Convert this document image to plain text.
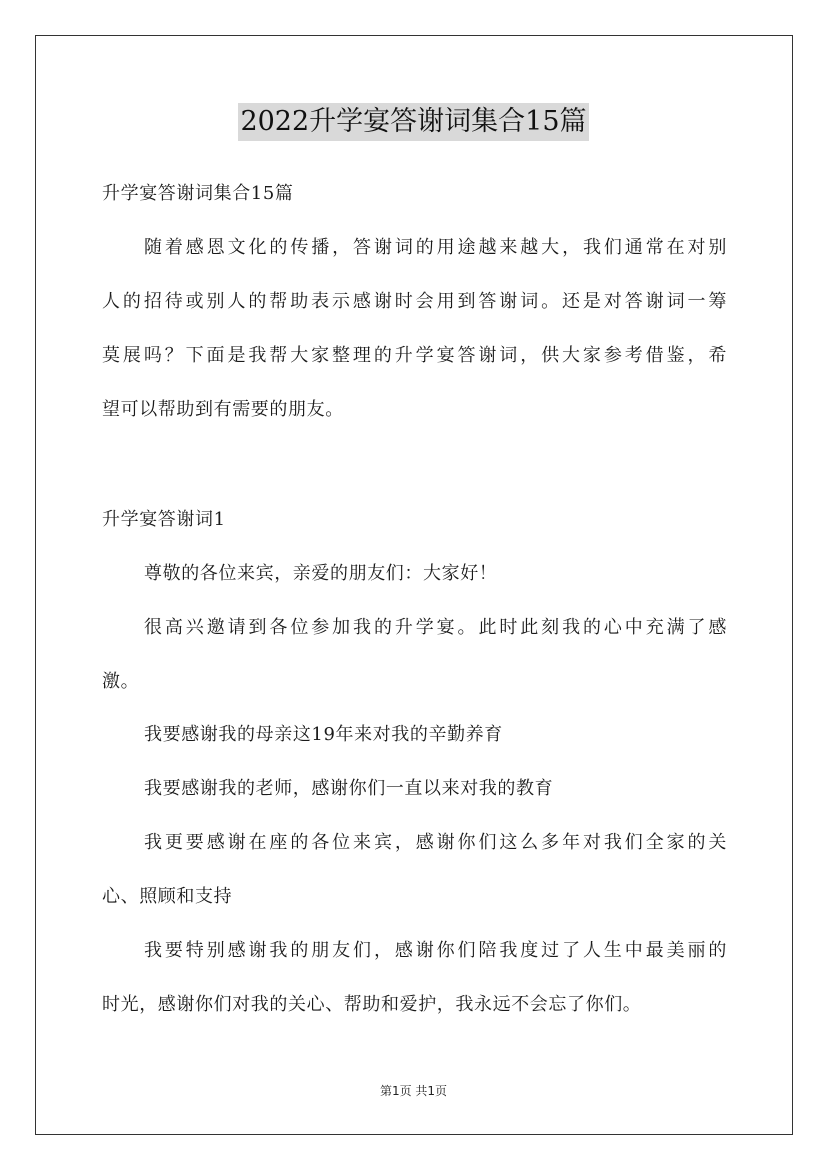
2022升学宴答谢词集合15篇
升学宴答谢词集合15篇
随着感恩文化的传播，答谢词的用途越来越大，我们通常在对别
人的招待或别人的帮助表示感谢时会用到答谢词。还是对答谢词一筹
莫展吗？下面是我帮大家整理的升学宴答谢词，供大家参考借鉴，希
望可以帮助到有需要的朋友。
升学宴答谢词1
尊敬的各位来宾，亲爱的朋友们：大家好！
很高兴邀请到各位参加我的升学宴。此时此刻我的心中充满了感
激。
我要感谢我的母亲这19年来对我的辛勤养育
我要感谢我的老师，感谢你们一直以来对我的教育
我更要感谢在座的各位来宾，感谢你们这么多年对我们全家的关
心、照顾和支持
我要特别感谢我的朋友们，感谢你们陪我度过了人生中最美丽的
时光，感谢你们对我的关心、帮助和爱护，我永远不会忘了你们。
第1页 共1页
